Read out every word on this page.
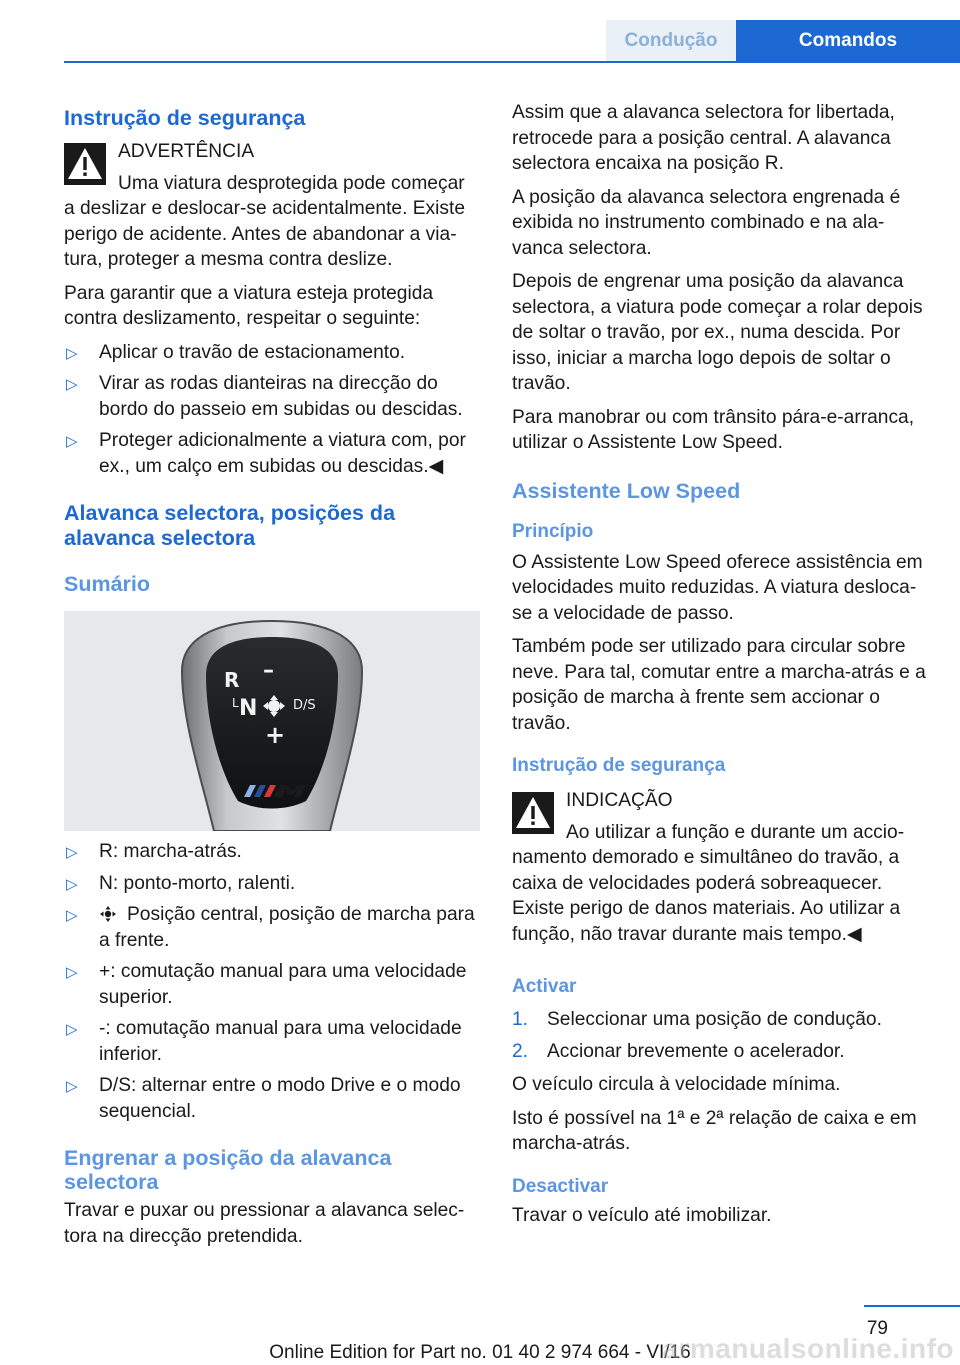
Condução	Comandos
Instrução de segurança

ADVERTÊNCIA
Uma viatura desprotegida pode começar a deslizar e deslocar-se acidentalmente. Existe perigo de acidente. Antes de abandonar a viatura, proteger a mesma contra deslize.

Para garantir que a viatura esteja protegida contra deslizamento, respeitar o seguinte:

▷ Aplicar o travão de estacionamento.
▷ Virar as rodas dianteiras na direcção do bordo do passeio em subidas ou descidas.
▷ Proteger adicionalmente a viatura com, por ex., um calço em subidas ou descidas.◀
Alavanca selectora, posições da alavanca selectora
Sumário
R –
L N	D/S
+
▷ R: marcha-atrás.
▷ N: ponto-morto, ralenti.
▷	Posição central, posição de marcha para a frente.
▷ +: comutação manual para uma velocidade superior.
▷ -: comutação manual para uma velocidade inferior.
▷ D/S: alternar entre o modo Drive e o modo sequencial.
Engrenar a posição da alavanca selectora

Travar e puxar ou pressionar a alavanca selectora na direcção pretendida.

Assim que a alavanca selectora for libertada, retrocede para a posição central. A alavanca selectora encaixa na posição R.

A posição da alavanca selectora engrenada é exibida no instrumento combinado e na alavanca selectora.

Depois de engrenar uma posição da alavanca selectora, a viatura pode começar a rolar depois de soltar o travão, por ex., numa descida. Por isso, iniciar a marcha logo depois de soltar o travão.

Para manobrar ou com trânsito pára-e-arranca, utilizar o Assistente Low Speed.

Assistente Low Speed
Princípio

O Assistente Low Speed oferece assistência em velocidades muito reduzidas. A viatura desloca-se a velocidade de passo.

Também pode ser utilizado para circular sobre neve. Para tal, comutar entre a marcha-atrás e a posição de marcha à frente sem accionar o travão.

Instrução de segurança

INDICAÇÃO
Ao utilizar a função e durante um accionamento demorado e simultâneo do travão, a caixa de velocidades poderá sobreaquecer. Existe perigo de danos materiais. Ao utilizar a função, não travar durante mais tempo.◀

Activar
1. Seleccionar uma posição de condução.
2. Accionar brevemente o acelerador.

O veículo circula à velocidade mínima.

Isto é possível na 1ª e 2ª relação de caixa e em marcha-atrás.

Desactivar

Travar o veículo até imobilizar.

79
Online Edition for Part no. 01 40 2 974 664 - VI/16
armanualsonline.info
